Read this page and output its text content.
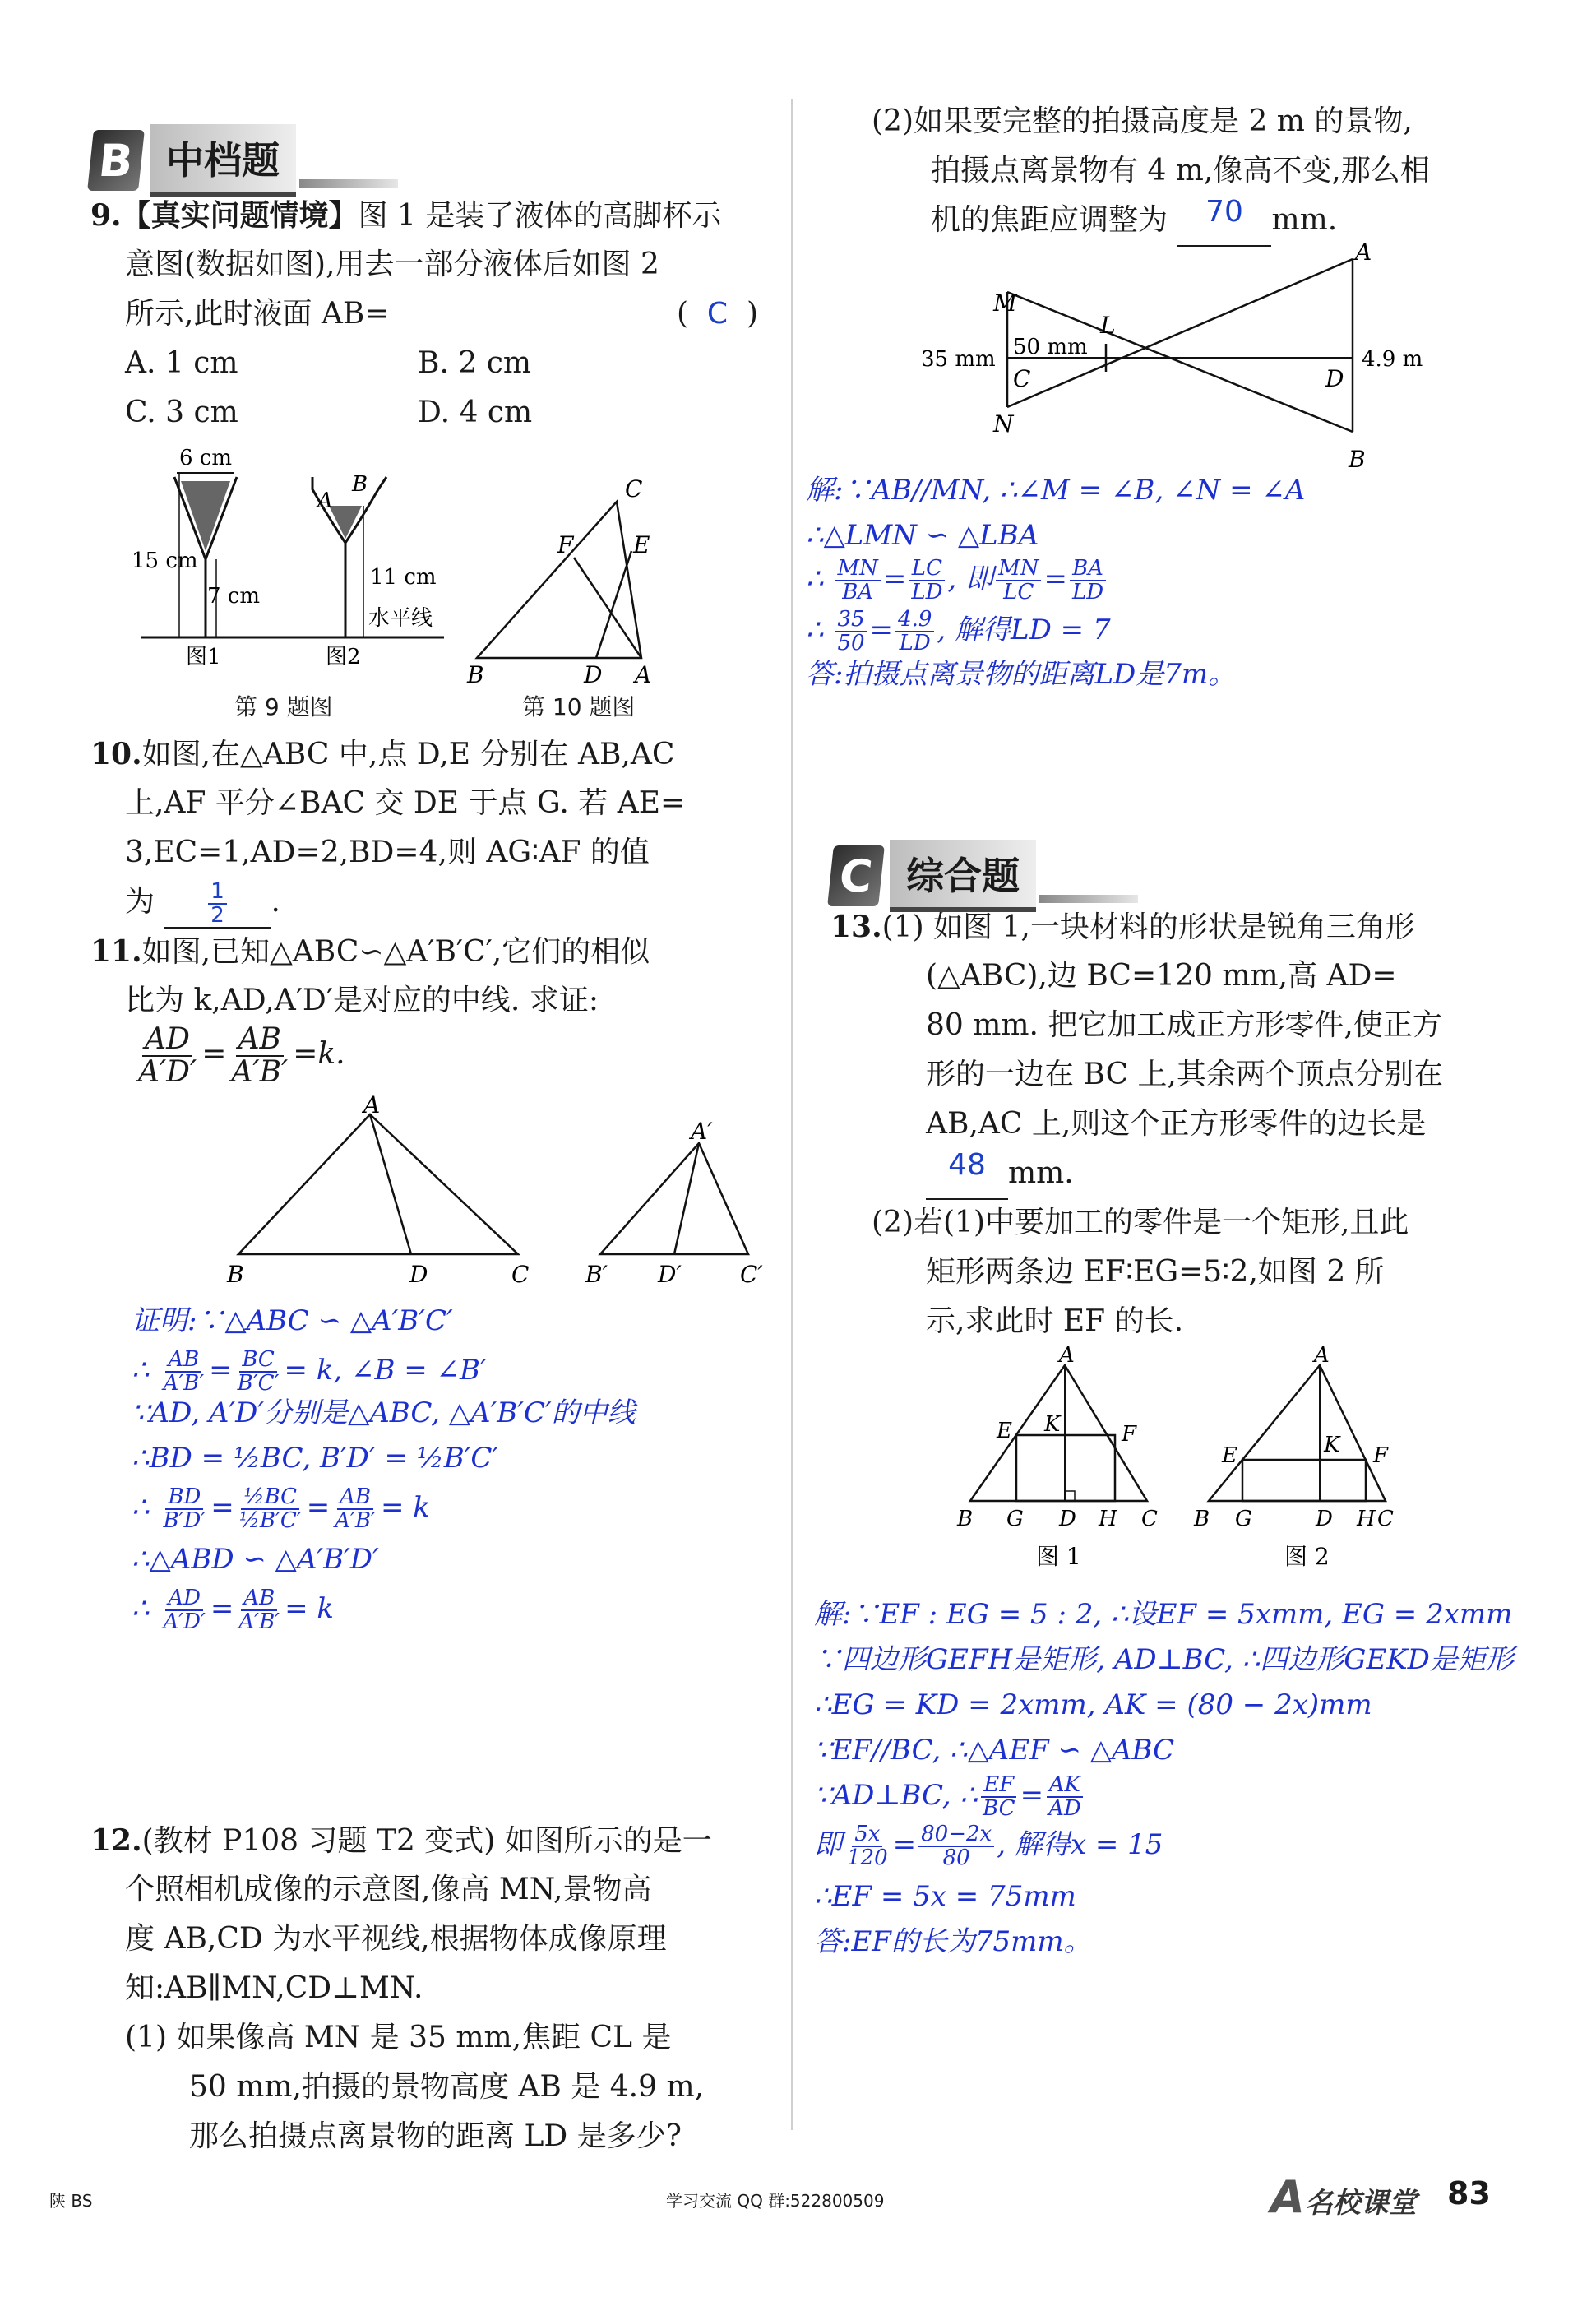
B 中档题
9.【真实问题情境】图 1 是装了液体的高脚杯示
意图(数据如图),用去一部分液体后如图 2
所示,此时液面 AB=	(  C  )
A. 1 cm	B. 2 cm
C. 3 cm	D. 4 cm
6 cm
15 cm
7 cm
B
A
11 cm
水平线
图1	图2
第 9 题图
C
E
F
B	D A
第 10 题图
10.如图,在△ABC 中,点 D,E 分别在 AB,AC
上,AF 平分∠BAC 交 DE 于点 G. 若 AE=
3,EC=1,AD=2,BD=4,则 AG∶AF 的值
为	$\frac{1}{2}$ .
11.如图,已知△ABC∽△A′B′C′,它们的相似
比为 k,AD,A′D′是对应的中线. 求证:
$\frac{AD}{A'D'} = \frac{AB}{A'B'} =k$.
A
B	D	C
A′
B′ D′	C′
证明:∵△ABC ∽ △A′B′C′
∴ $\frac{AB}{A'B'} = \frac{BC}{B'C'} = k$, ∠B = ∠B′
∵AD, A′D′分别是△ABC, △A′B′C′的中线
∴BD = ½BC, B′D′ = ½B′C′
∴ $\frac{BD}{B'D'} = \frac{\text{½BC}}{\text{½B′C′}} = \frac{AB}{A'B'} = k$
∴△ABD ∽ △A′B′D′
∴ $\frac{AD}{A'D'} = \frac{AB}{A'B'} = k$
12.(教材 P108 习题 T2 变式) 如图所示的是一
个照相机成像的示意图,像高 MN,景物高
度 AB,CD 为水平视线,根据物体成像原理
知:AB∥MN,CD⊥MN.
(1) 如果像高 MN 是 35 mm,焦距 CL 是
50 mm,拍摄的景物高度 AB 是 4.9 m,
那么拍摄点离景物的距离 LD 是多少?
(2)如果要完整的拍摄高度是 2 m 的景物,
拍摄点离景物有 4 m,像高不变,那么相
机的焦距应调整为 70 mm.
M
N
C
L
A
B
D
35 mm 50 mm	4.9 m
解:∵AB//MN, ∴∠M = ∠B, ∠N = ∠A
∴△LMN ∽ △LBA
∴ $\frac{MN}{BA} = \frac{LC}{LD}$ , 即 $\frac{MN}{LC} = \frac{BA}{LD}$
∴ $\frac{35}{50} = \frac{4.9}{LD}$ , 解得LD = 7
答:拍摄点离景物的距离LD是7m。
C 综合题
13.(1) 如图 1,一块材料的形状是锐角三角形
(△ABC),边 BC=120 mm,高 AD=
80 mm. 把它加工成正方形零件,使正方
形的一边在 BC 上,其余两个顶点分别在
AB,AC 上,则这个正方形零件的边长是
48 mm.
(2)若(1)中要加工的零件是一个矩形,且此
矩形两条边 EF∶EG=5∶2,如图 2 所
示,求此时 EF 的长.
A
E K	F
B G D H C
图 1
A
E	K F
B G	D H C
图 2
解:∵EF : EG = 5 : 2, ∴设EF = 5xmm, EG = 2xmm
∵四边形GEFH是矩形, AD⊥BC, ∴四边形GEKD是矩形
∴EG = KD = 2xmm, AK = (80 − 2x)mm
∵EF//BC, ∴△AEF ∽ △ABC
∵AD⊥BC, ∴ $\frac{EF}{BC} = \frac{AK}{AD}$
即 $\frac{5x}{120} = \frac{80-2x}{80}$ , 解得x = 15
∴EF = 5x = 75mm
答:EF的长为75mm。
陕 BS	学习交流 QQ 群:522800509	A名校课堂 83
